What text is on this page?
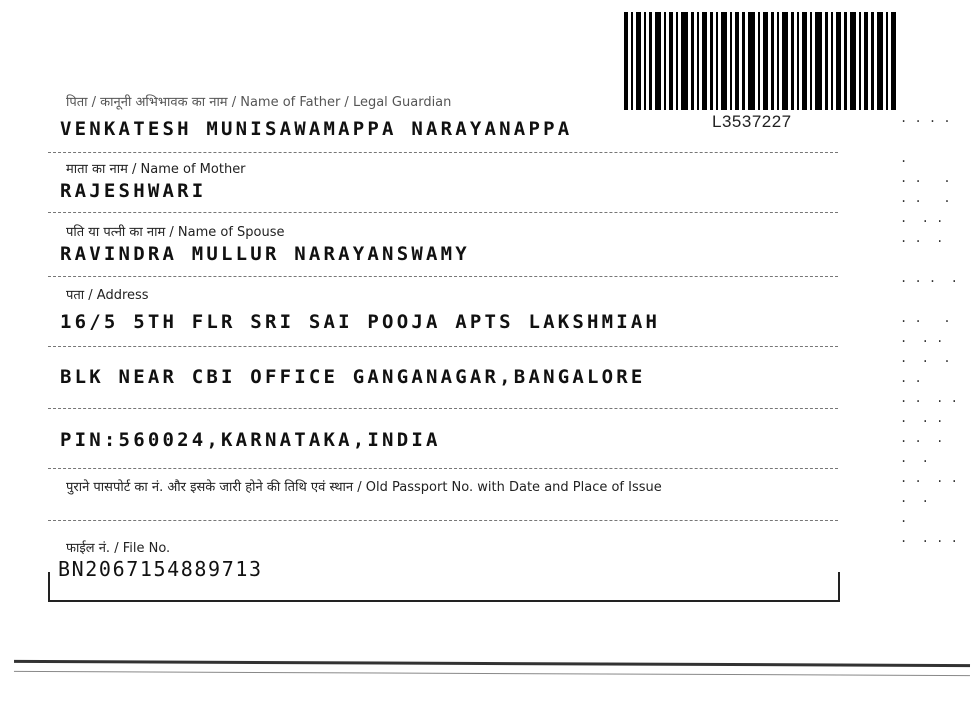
L3537227	. . . .

.
. .   .
. .   .
.  . .
. .  .

. . .  .

. .   .
.  . .
.  .  .
. .
. .  . .
.  . .
. .  .
.  .
. .  . .
.  .
.
.  . . .
पिता / कानूनी अभिभावक का नाम / Name of Father / Legal Guardian
VENKATESH MUNISAWAMAPPA NARAYANAPPA
माता का नाम / Name of Mother
RAJESHWARI
पति या पत्नी का नाम / Name of Spouse
RAVINDRA MULLUR NARAYANSWAMY
पता / Address
16/5 5TH FLR SRI SAI POOJA APTS LAKSHMIAH
BLK NEAR CBI OFFICE GANGANAGAR,BANGALORE
PIN:560024,KARNATAKA,INDIA
पुराने पासपोर्ट का नं. और इसके जारी होने की तिथि एवं स्थान / Old Passport No. with Date and Place of Issue
फाईल नं. / File No.
BN2067154889713
